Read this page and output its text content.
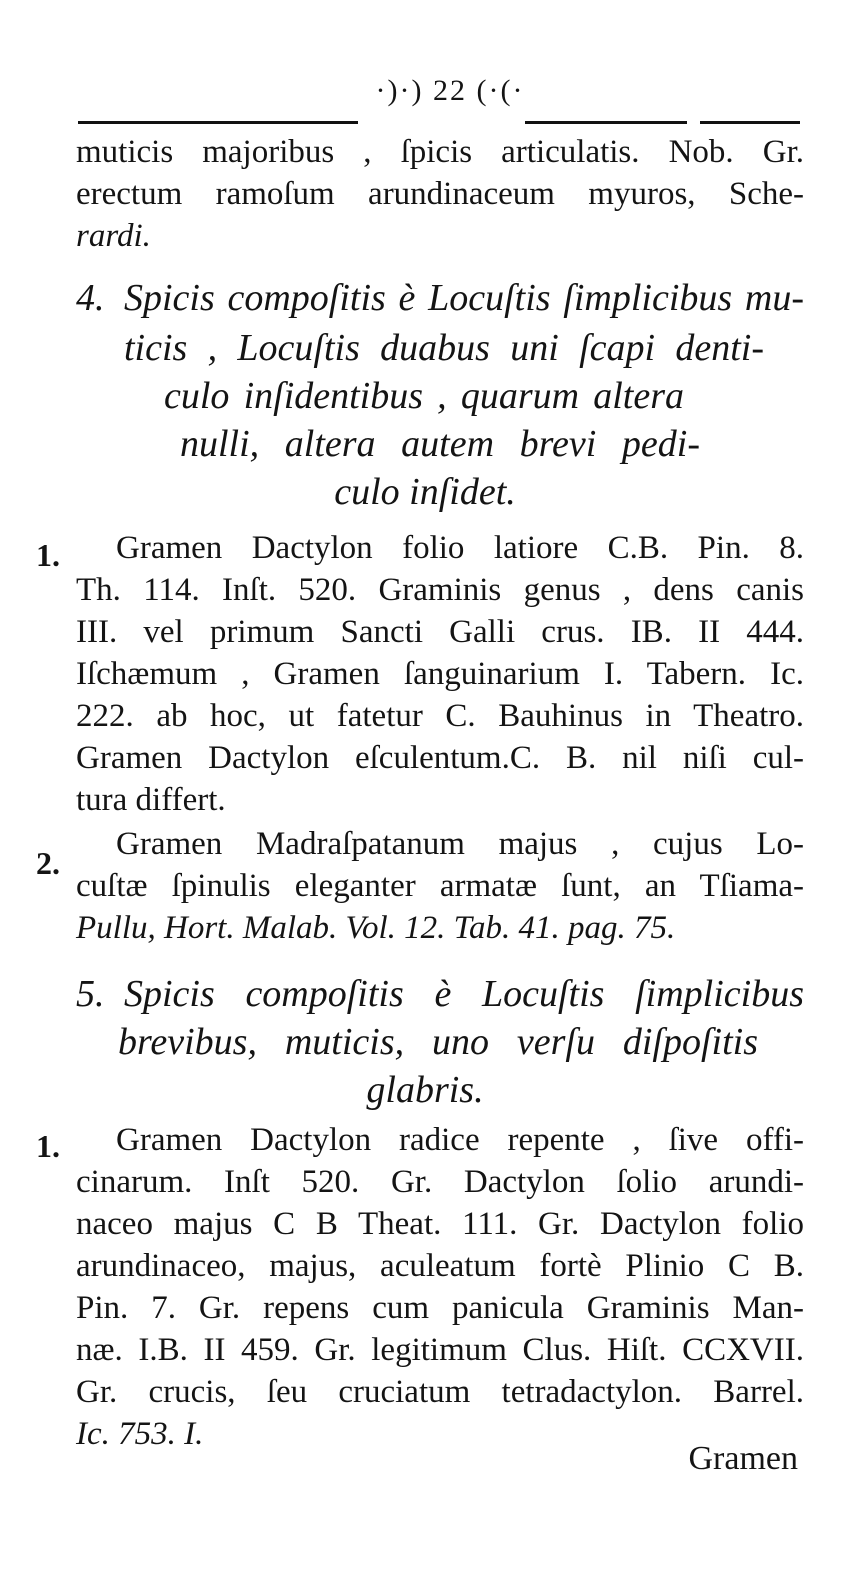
·)·) 22 (·(·
muticis majoribus , ſpicis articulatis. Nob. Gr.
erectum ramoſum arundinaceum myuros, Sche-
rardi.
4. Spicis compoſitis è Locuſtis ſimplicibus mu-
ticis , Locuſtis duabus uni ſcapi denti-
culo inſidentibus , quarum altera
nulli, altera autem brevi pedi-
culo inſidet.
1. Gramen Dactylon folio latiore C.B. Pin. 8.
Th. 114. Inſt. 520. Graminis genus , dens canis
III. vel primum Sancti Galli crus. IB. II 444.
Iſchæmum , Gramen ſanguinarium I. Tabern. Ic.
222. ab hoc, ut fatetur C. Bauhinus in Theatro.
Gramen Dactylon eſculentum.C. B. nil niſi cul-
tura differt.
2.
Gramen Madraſpatanum majus , cujus Lo-
cuſtæ ſpinulis eleganter armatæ ſunt, an Tſiama-
Pullu, Hort. Malab. Vol. 12. Tab. 41. pag. 75.
5. Spicis compoſitis è Locuſtis ſimplicibus
brevibus, muticis, uno verſu diſpoſitis
glabris.
1. Gramen Dactylon radice repente , ſive offi-
cinarum. Inſt 520. Gr. Dactylon ſolio arundi-
naceo majus C B Theat. 111. Gr. Dactylon folio
arundinaceo, majus, aculeatum fortè Plinio C B.
Pin. 7. Gr. repens cum panicula Graminis Man-
næ. I.B. II 459. Gr. legitimum Clus. Hiſt. CCXVII.
Gr. crucis, ſeu cruciatum tetradactylon. Barrel.
Ic. 753. I.
Gramen
